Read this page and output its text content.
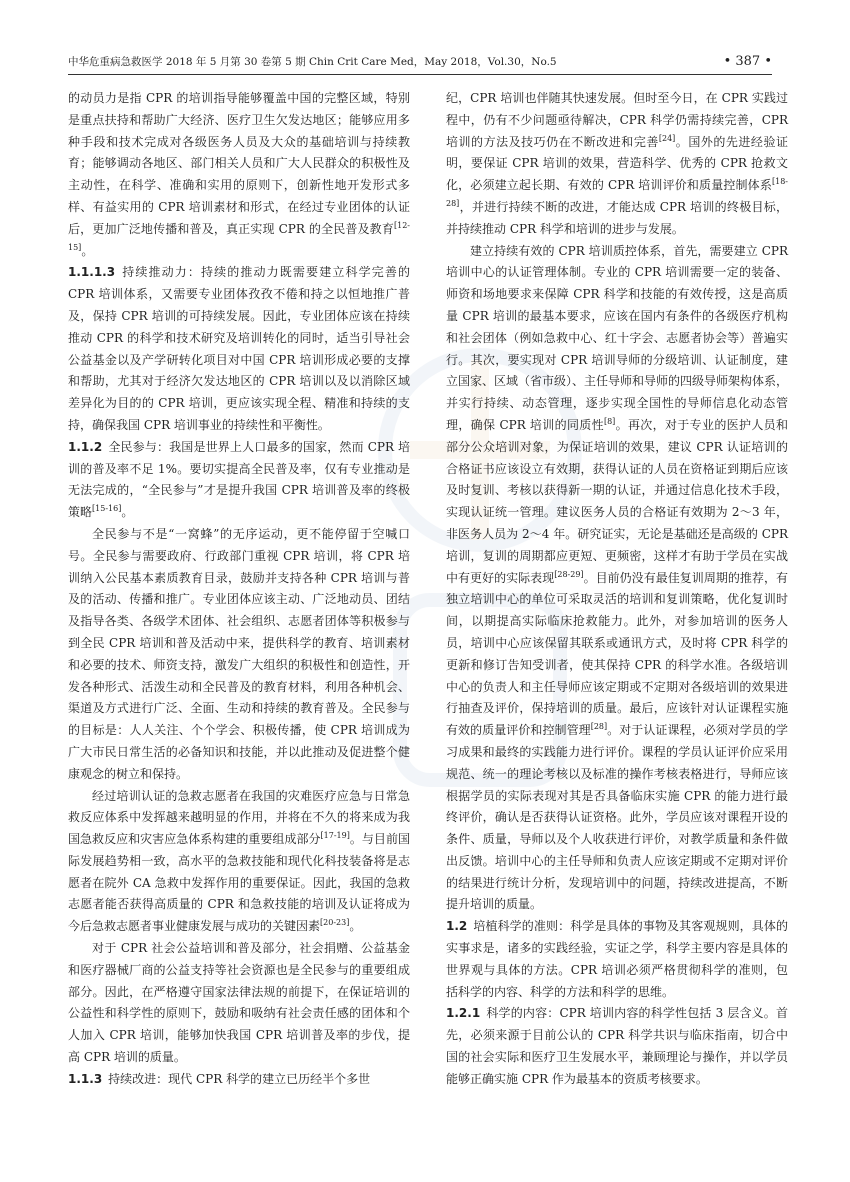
中华危重病急救医学 2018 年 5 月第 30 卷第 5 期 Chin Crit Care Med，May 2018，Vol.30，No.5	• 387 •

的动员力是指 CPR 的培训指导能够覆盖中国的完整区域，特别是重点扶持和帮助广大经济、医疗卫生欠发达地区；能够应用多种手段和技术完成对各级医务人员及大众的基础培训与持续教育；能够调动各地区、部门相关人员和广大人民群众的积极性及主动性，在科学、准确和实用的原则下，创新性地开发形式多样、有益实用的 CPR 培训素材和形式，在经过专业团体的认证后，更加广泛地传播和普及，真正实现 CPR 的全民普及教育[12-15]。

1.1.1.3 持续推动力：持续的推动力既需要建立科学完善的 CPR 培训体系，又需要专业团体孜孜不倦和持之以恒地推广普及，保持 CPR 培训的可持续发展。因此，专业团体应该在持续推动 CPR 的科学和技术研究及培训转化的同时，适当引导社会公益基金以及产学研转化项目对中国 CPR 培训形成必要的支撑和帮助，尤其对于经济欠发达地区的 CPR 培训以及以消除区域差异化为目的的 CPR 培训，更应该实现全程、精准和持续的支持，确保我国 CPR 培训事业的持续性和平衡性。

1.1.2 全民参与：我国是世界上人口最多的国家，然而 CPR 培训的普及率不足 1%。要切实提高全民普及率，仅有专业推动是无法完成的，“全民参与”才是提升我国 CPR 培训普及率的终极策略[15-16]。

全民参与不是“一窝蜂”的无序运动，更不能停留于空喊口号。全民参与需要政府、行政部门重视 CPR 培训，将 CPR 培训纳入公民基本素质教育目录，鼓励并支持各种 CPR 培训与普及的活动、传播和推广。专业团体应该主动、广泛地动员、团结及指导各类、各级学术团体、社会组织、志愿者团体等积极参与到全民 CPR 培训和普及活动中来，提供科学的教育、培训素材和必要的技术、师资支持，激发广大组织的积极性和创造性，开发各种形式、活泼生动和全民普及的教育材料，利用各种机会、渠道及方式进行广泛、全面、生动和持续的教育普及。全民参与的目标是：人人关注、个个学会、积极传播，使 CPR 培训成为广大市民日常生活的必备知识和技能，并以此推动及促进整个健康观念的树立和保持。

经过培训认证的急救志愿者在我国的灾难医疗应急与日常急救反应体系中发挥越来越明显的作用，并将在不久的将来成为我国急救反应和灾害应急体系构建的重要组成部分[17-19]。与目前国际发展趋势相一致，高水平的急救技能和现代化科技装备将是志愿者在院外 CA 急救中发挥作用的重要保证。因此，我国的急救志愿者能否获得高质量的 CPR 和急救技能的培训及认证将成为今后急救志愿者事业健康发展与成功的关键因素[20-23]。

对于 CPR 社会公益培训和普及部分，社会捐赠、公益基金和医疗器械厂商的公益支持等社会资源也是全民参与的重要组成部分。因此，在严格遵守国家法律法规的前提下，在保证培训的公益性和科学性的原则下，鼓励和吸纳有社会责任感的团体和个人加入 CPR 培训，能够加快我国 CPR 培训普及率的步伐，提高 CPR 培训的质量。

1.1.3 持续改进：现代 CPR 科学的建立已历经半个多世

纪，CPR 培训也伴随其快速发展。但时至今日，在 CPR 实践过程中，仍有不少问题亟待解决，CPR 科学仍需持续完善，CPR 培训的方法及技巧仍在不断改进和完善[24]。国外的先进经验证明，要保证 CPR 培训的效果，营造科学、优秀的 CPR 抢救文化，必须建立起长期、有效的 CPR 培训评价和质量控制体系[18-28]，并进行持续不断的改进，才能达成 CPR 培训的终极目标，并持续推动 CPR 科学和培训的进步与发展。

建立持续有效的 CPR 培训质控体系，首先，需要建立 CPR 培训中心的认证管理体制。专业的 CPR 培训需要一定的装备、师资和场地要求来保障 CPR 科学和技能的有效传授，这是高质量 CPR 培训的最基本要求，应该在国内有条件的各级医疗机构和社会团体（例如急救中心、红十字会、志愿者协会等）普遍实行。其次，要实现对 CPR 培训导师的分级培训、认证制度，建立国家、区域（省市级）、主任导师和导师的四级导师架构体系，并实行持续、动态管理，逐步实现全国性的导师信息化动态管理，确保 CPR 培训的同质性[8]。再次，对于专业的医护人员和部分公众培训对象，为保证培训的效果，建议 CPR 认证培训的合格证书应该设立有效期，获得认证的人员在资格证到期后应该及时复训、考核以获得新一期的认证，并通过信息化技术手段，实现认证统一管理。建议医务人员的合格证有效期为 2～3 年，非医务人员为 2～4 年。研究证实，无论是基础还是高级的 CPR 培训，复训的周期都应更短、更频密，这样才有助于学员在实战中有更好的实际表现[28-29]。目前仍没有最佳复训周期的推荐，有独立培训中心的单位可采取灵活的培训和复训策略，优化复训时间，以期提高实际临床抢救能力。此外，对参加培训的医务人员，培训中心应该保留其联系或通讯方式，及时将 CPR 科学的更新和修订告知受训者，使其保持 CPR 的科学水准。各级培训中心的负责人和主任导师应该定期或不定期对各级培训的效果进行抽查及评价，保持培训的质量。最后，应该针对认证课程实施有效的质量评价和控制管理[28]。对于认证课程，必须对学员的学习成果和最终的实践能力进行评价。课程的学员认证评价应采用规范、统一的理论考核以及标准的操作考核表格进行，导师应该根据学员的实际表现对其是否具备临床实施 CPR 的能力进行最终评价，确认是否获得认证资格。此外，学员应该对课程开设的条件、质量，导师以及个人收获进行评价，对教学质量和条件做出反馈。培训中心的主任导师和负责人应该定期或不定期对评价的结果进行统计分析，发现培训中的问题，持续改进提高，不断提升培训的质量。

1.2 培植科学的准则：科学是具体的事物及其客观规则，具体的实事求是，诸多的实践经验，实证之学，科学主要内容是具体的世界观与具体的方法。CPR 培训必须严格贯彻科学的准则，包括科学的内容、科学的方法和科学的思维。

1.2.1 科学的内容：CPR 培训内容的科学性包括 3 层含义。首先，必须来源于目前公认的 CPR 科学共识与临床指南，切合中国的社会实际和医疗卫生发展水平，兼顾理论与操作，并以学员能够正确实施 CPR 作为最基本的资质考核要求。
